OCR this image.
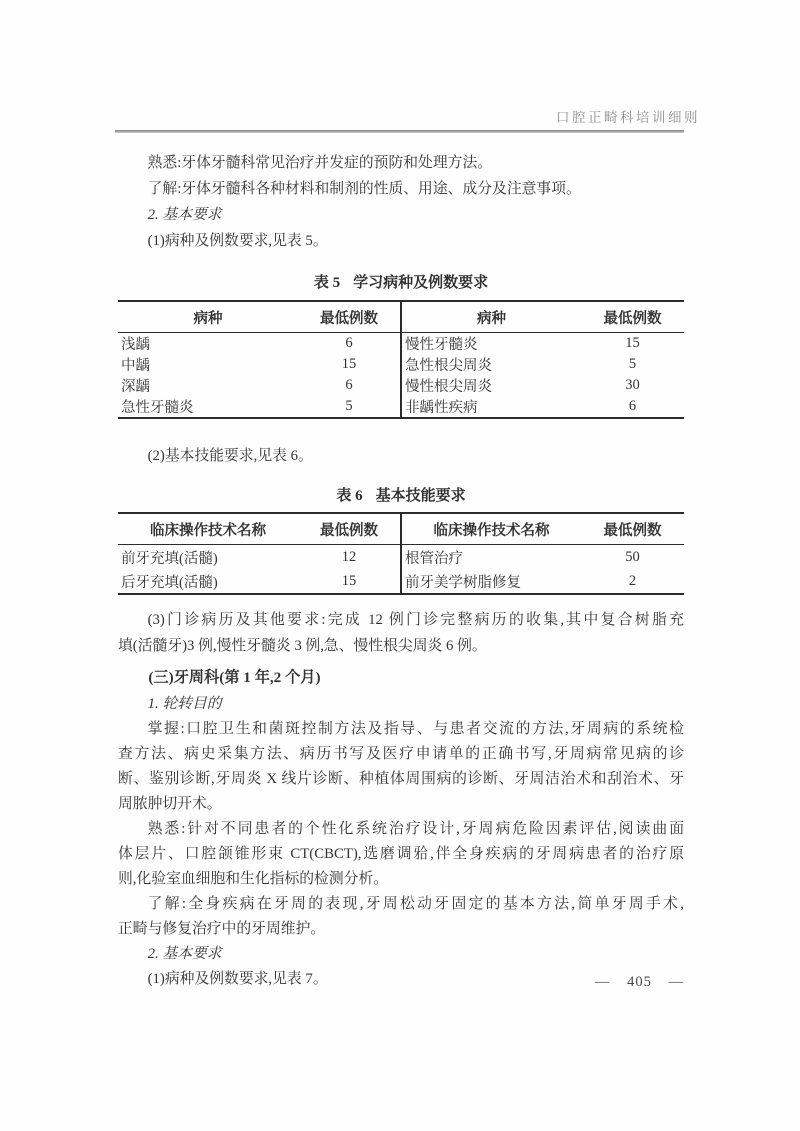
口腔正畸科培训细则
熟悉:牙体牙髓科常见治疗并发症的预防和处理方法。
了解:牙体牙髓科各种材料和制剂的性质、用途、成分及注意事项。
2. 基本要求
(1)病种及例数要求,见表 5。
表 5 学习病种及例数要求
病种	最低例数	病种	最低例数
浅龋	6	慢性牙髓炎	15
中龋	15	急性根尖周炎	5
深龋	6	慢性根尖周炎	30
急性牙髓炎	5	非龋性疾病	6
(2)基本技能要求,见表 6。
表 6 基本技能要求
临床操作技术名称	最低例数	临床操作技术名称	最低例数
前牙充填(活髓)	12	根管治疗	50
后牙充填(活髓)	15	前牙美学树脂修复	2
(3)门诊病历及其他要求:完成 12 例门诊完整病历的收集,其中复合树脂充
填(活髓牙)3 例,慢性牙髓炎 3 例,急、慢性根尖周炎 6 例。
(三)牙周科(第 1 年,2 个月)
1. 轮转目的
掌握:口腔卫生和菌斑控制方法及指导、与患者交流的方法,牙周病的系统检
查方法、病史采集方法、病历书写及医疗申请单的正确书写,牙周病常见病的诊
断、鉴别诊断,牙周炎 X 线片诊断、种植体周围病的诊断、牙周洁治术和刮治术、牙
周脓肿切开术。
熟悉:针对不同患者的个性化系统治疗设计,牙周病危险因素评估,阅读曲面
体层片、口腔颌锥形束 CT(CBCT),选磨调𬌗,伴全身疾病的牙周病患者的治疗原
则,化验室血细胞和生化指标的检测分析。
了解:全身疾病在牙周的表现,牙周松动牙固定的基本方法,简单牙周手术,
正畸与修复治疗中的牙周维护。
2. 基本要求
(1)病种及例数要求,见表 7。	— 405 —
